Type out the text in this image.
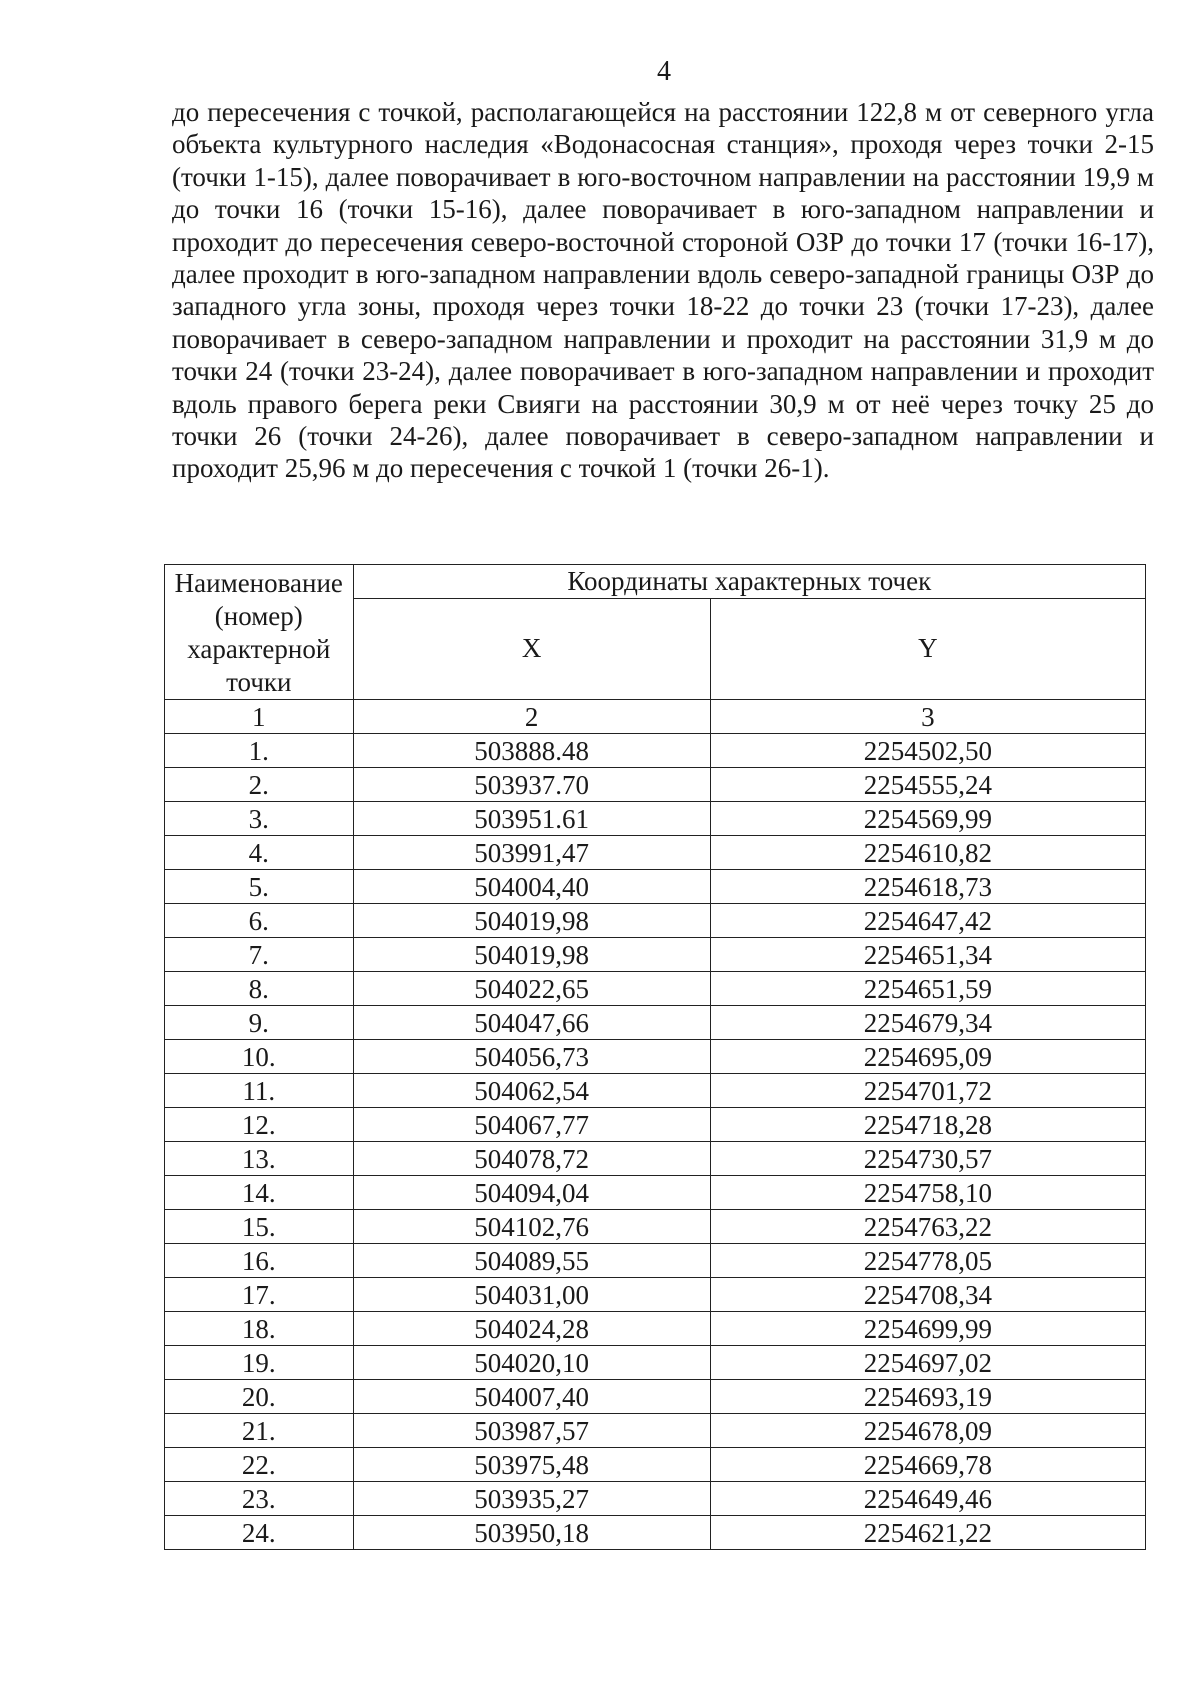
4

до пересечения с точкой, располагающейся на расстоянии 122,8 м от северного угла объекта культурного наследия «Водонасосная станция», проходя через точки 2-15 (точки 1-15), далее поворачивает в юго-восточном направлении на расстоянии 19,9 м до точки 16 (точки 15-16), далее поворачивает в юго-западном направлении и проходит до пересечения северо-восточной стороной ОЗР до точки 17 (точки 16-17), далее проходит в юго-западном направлении вдоль северо-западной границы ОЗР до западного угла зоны, проходя через точки 18-22 до точки 23 (точки 17-23), далее поворачивает в северо-западном направлении и проходит на расстоянии 31,9 м до точки 24 (точки 23-24), далее поворачивает в юго-западном направлении и проходит вдоль правого берега реки Свияги на расстоянии 30,9 м от неё через точку 25 до точки 26 (точки 24-26), далее поворачивает в северо-западном направлении и проходит 25,96 м до пересечения с точкой 1 (точки 26-1).

Наименование (номер) характерной точки	Координаты характерных точек	
	X	Y
1	2	3
1.	503888.48	2254502,50
2.	503937.70	2254555,24
3.	503951.61	2254569,99
4.	503991,47	2254610,82
5.	504004,40	2254618,73
6.	504019,98	2254647,42
7.	504019,98	2254651,34
8.	504022,65	2254651,59
9.	504047,66	2254679,34
10.	504056,73	2254695,09
11.	504062,54	2254701,72
12.	504067,77	2254718,28
13.	504078,72	2254730,57
14.	504094,04	2254758,10
15.	504102,76	2254763,22
16.	504089,55	2254778,05
17.	504031,00	2254708,34
18.	504024,28	2254699,99
19.	504020,10	2254697,02
20.	504007,40	2254693,19
21.	503987,57	2254678,09
22.	503975,48	2254669,78
23.	503935,27	2254649,46
24.	503950,18	2254621,22
